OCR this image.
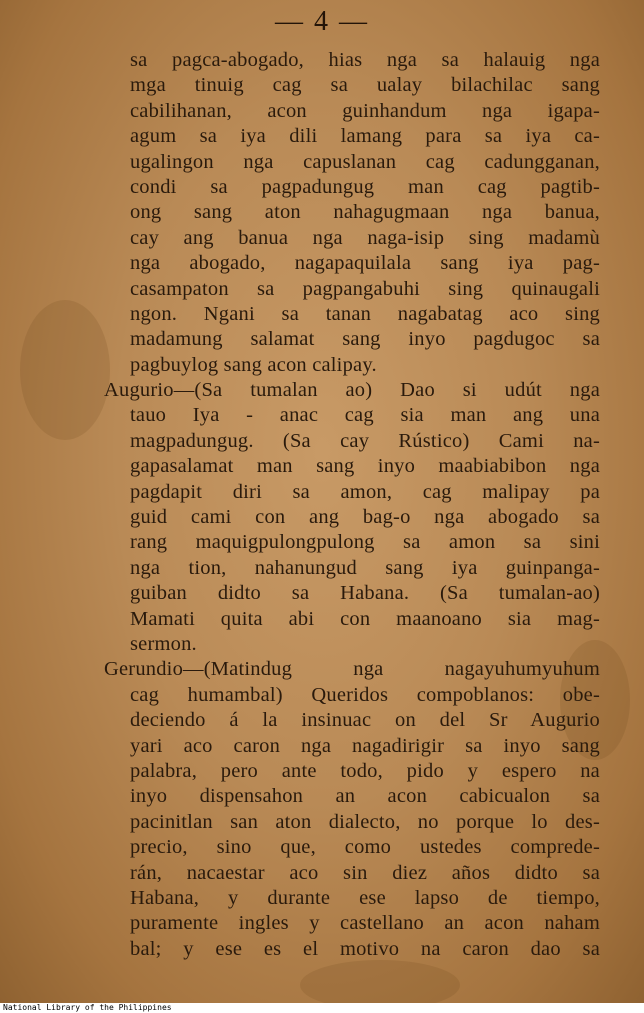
— 4 —
sa pagca-abogado, hias nga sa halauig nga
mga tinuig cag sa ualay bilachilac sang
cabilihanan, acon guinhandum nga igapa-
agum sa iya dili lamang para sa iya ca-
ugalingon nga capuslanan cag cadungganan,
condi sa pagpadungug man cag pagtib-
ong sang aton nahagugmaan nga banua,
cay ang banua nga naga-isip sing madamù
nga abogado, nagapaquilala sang iya pag-
casampaton sa pagpangabuhi sing quinaugali
ngon. Ngani sa tanan nagabatag aco sing
madamung salamat sang inyo pagdugoc sa
pagbuylog sang acon calipay.
Augurio—(Sa tumalan ao) Dao si udút nga
tauo Iya - anac cag sia man ang una
magpadungug. (Sa cay Rústico) Cami na-
gapasalamat man sang inyo maabiabibon nga
pagdapit diri sa amon, cag malipay pa
guid cami con ang bag-o nga abogado sa
rang maquigpulongpulong sa amon sa sini
nga tion, nahanungud sang iya guinpanga-
guiban didto sa Habana. (Sa tumalan-ao)
Mamati quita abi con maanoano sia mag-
sermon.
Gerundio—(Matindug nga nagayuhumyuhum
cag humambal) Queridos compoblanos: obe-
deciendo á la insinuac on del Sr Augurio
yari aco caron nga nagadirigir sa inyo sang
palabra, pero ante todo, pido y espero na
inyo dispensahon an acon cabicualon sa
pacinitlan san aton dialecto, no porque lo des-
precio, sino que, como ustedes comprede-
rán, nacaestar aco sin diez años didto sa
Habana, y durante ese lapso de tiempo,
puramente ingles y castellano an acon naham
bal; y ese es el motivo na caron dao sa
National Library of the Philippines
